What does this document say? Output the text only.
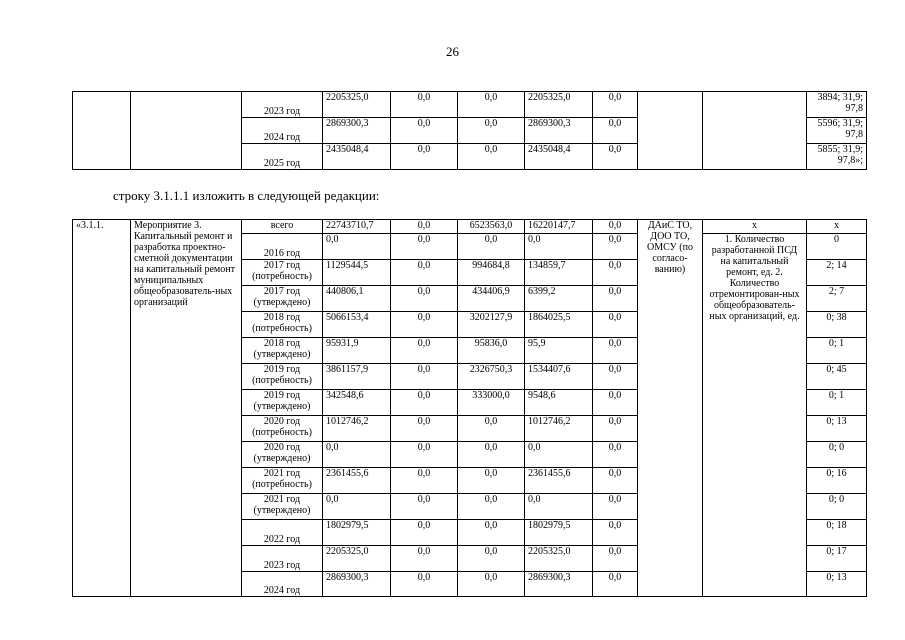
26
		2023 год	2205325,0	0,0	0,0	2205325,0	0,0			3894; 31,9; 97,8
		2024 год	2869300,3	0,0	0,0	2869300,3	0,0			5596; 31,9; 97,8
		2025 год	2435048,4	0,0	0,0	2435048,4	0,0			5855; 31,9; 97,8»;
строку 3.1.1.1 изложить в следующей редакции:
«3.1.1.	Мероприятие 3. Капитальный ремонт и разработка проектно-сметной документации на капитальный ремонт муниципальных общеобразователь-ных организаций	всего	22743710,7	0,0	6523563,0	16220147,7	0,0	ДАиС ТО, ДОО ТО, ОМСУ (по согласо-ванию)	x	x
		2016 год	0,0	0,0	0,0	0,0	0,0		1. Количество разработанной ПСД на капитальный ремонт, ед. 2. Количество отремонтирован-ных общеобразователь-ных организаций, ед.	0
		2017 год (потребность)	1129544,5	0,0	994684,8	134859,7	0,0			2; 14
		2017 год (утверждено)	440806,1	0,0	434406,9	6399,2	0,0			2; 7
		2018 год (потребность)	5066153,4	0,0	3202127,9	1864025,5	0,0			0; 38
		2018 год (утверждено)	95931,9	0,0	95836,0	95,9	0,0			0; 1
		2019 год (потребность)	3861157,9	0,0	2326750,3	1534407,6	0,0			0; 45
		2019 год (утверждено)	342548,6	0,0	333000,0	9548,6	0,0			0; 1
		2020 год (потребность)	1012746,2	0,0	0,0	1012746,2	0,0			0; 13
		2020 год (утверждено)	0,0	0,0	0,0	0,0	0,0			0; 0
		2021 год (потребность)	2361455,6	0,0	0,0	2361455,6	0,0			0; 16
		2021 год (утверждено)	0,0	0,0	0,0	0,0	0,0			0; 0
		2022 год	1802979,5	0,0	0,0	1802979,5	0,0			0; 18
		2023 год	2205325,0	0,0	0,0	2205325,0	0,0			0; 17
		2024 год	2869300,3	0,0	0,0	2869300,3	0,0			0; 13
